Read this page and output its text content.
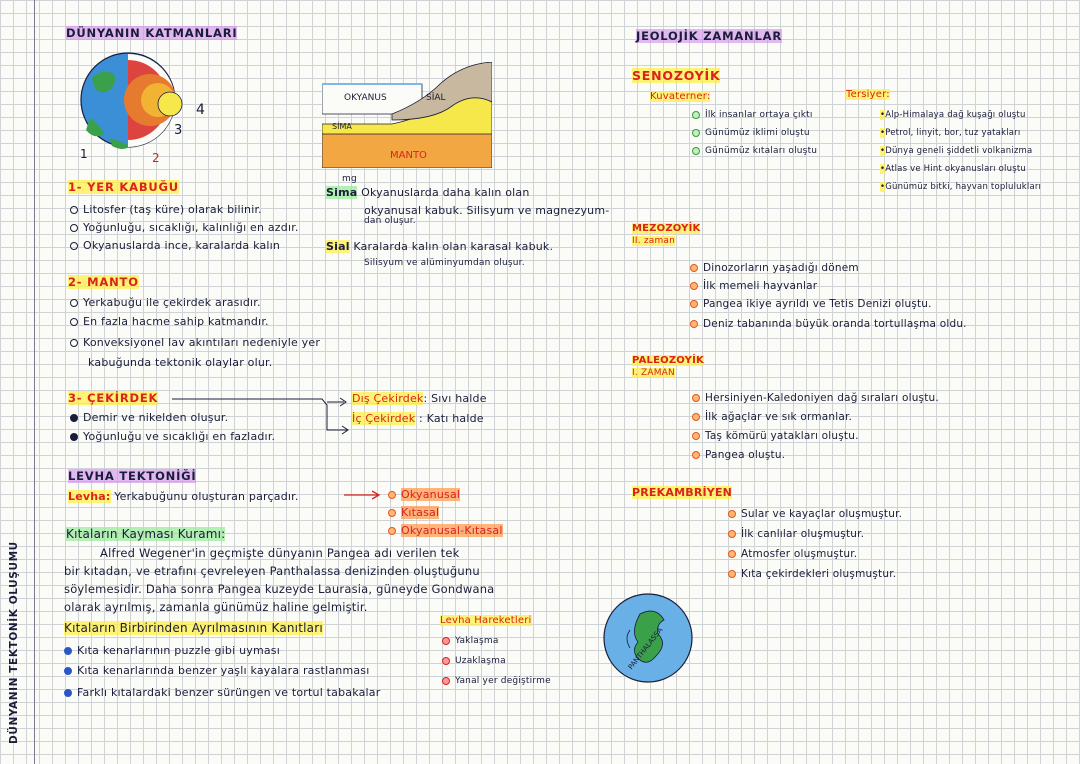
DÜNYANIN TEKTONİK OLUŞUMU
DÜNYANIN KATMANLARI
4
3
1	2
OKYANUS	SİAL
SİMA
MANTO
1- YER KABUĞU
Litosfer (taş küre) olarak bilinir.
Yoğunluğu, sıcaklığı, kalınlığı en azdır.
Okyanuslarda ince, karalarda kalın
mg
Sima Okyanuslarda daha kalın olan
okyanusal kabuk. Silisyum ve magnezyum-
dan oluşur.
Sial Karalarda kalın olan karasal kabuk.
Silisyum ve alüminyumdan oluşur.
2- MANTO
Yerkabuğu ile çekirdek arasıdır.
En fazla hacme sahip katmandır.
Konveksiyonel lav akıntıları nedeniyle yer
kabuğunda tektonik olaylar olur.
3- ÇEKİRDEK
Demir ve nikelden oluşur.
Yoğunluğu ve sıcaklığı en fazladır.
Dış Çekirdek: Sıvı halde
İç Çekirdek : Katı halde
LEVHA TEKTONİĞİ
Levha: Yerkabuğunu oluşturan parçadır.	Okyanusal
Kıtasal
Okyanusal-Kıtasal
Kıtaların Kayması Kuramı:
Alfred Wegener'in geçmişte dünyanın Pangea adı verilen tek
bir kıtadan, ve etrafını çevreleyen Panthalassa denizinden oluştuğunu
söylemesidir. Daha sonra Pangea kuzeyde Laurasia, güneyde Gondwana
olarak ayrılmış, zamanla günümüz haline gelmiştir.
Kıtaların Birbirinden Ayrılmasının Kanıtları
Kıta kenarlarının puzzle gibi uyması
Kıta kenarlarında benzer yaşlı kayalara rastlanması
Farklı kıtalardaki benzer sürüngen ve tortul tabakalar
Levha Hareketleri
Yaklaşma
Uzaklaşma
Yanal yer değiştirme
PANTHALASSA
JEOLOJİK ZAMANLAR
SENOZOYİK
Kuvaterner:
İlk insanlar ortaya çıktı
Günümüz iklimi oluştu
Günümüz kıtaları oluştu
Tersiyer:
•Alp-Himalaya dağ kuşağı oluştu
•Petrol, linyit, bor, tuz yatakları
•Dünya geneli şiddetli volkanizma
•Atlas ve Hint okyanusları oluştu
•Günümüz bitki, hayvan toplulukları
MEZOZOYİK
II. zaman
Dinozorların yaşadığı dönem
İlk memeli hayvanlar
Pangea ikiye ayrıldı ve Tetis Denizi oluştu.
Deniz tabanında büyük oranda tortullaşma oldu.
PALEOZOYİK
I. ZAMAN
Hersiniyen-Kaledoniyen dağ sıraları oluştu.
İlk ağaçlar ve sık ormanlar.
Taş kömürü yatakları oluştu.
Pangea oluştu.
PREKAMBRİYEN
Sular ve kayaçlar oluşmuştur.
İlk canlılar oluşmuştur.
Atmosfer oluşmuştur.
Kıta çekirdekleri oluşmuştur.
